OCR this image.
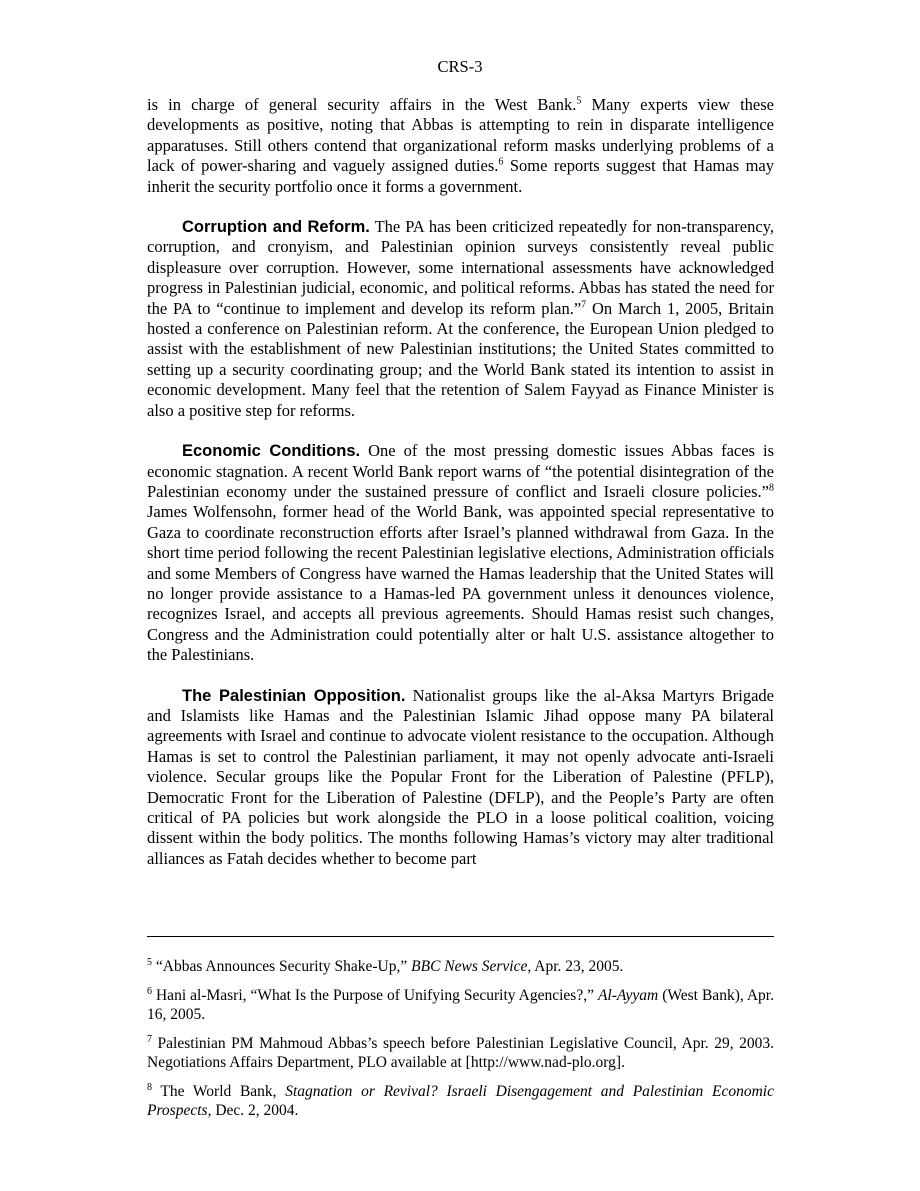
CRS-3

is in charge of general security affairs in the West Bank.$^5$ Many experts view these developments as positive, noting that Abbas is attempting to rein in disparate intelligence apparatuses. Still others contend that organizational reform masks underlying problems of a lack of power-sharing and vaguely assigned duties.$^6$ Some reports suggest that Hamas may inherit the security portfolio once it forms a government.

Corruption and Reform. The PA has been criticized repeatedly for non-transparency, corruption, and cronyism, and Palestinian opinion surveys consistently reveal public displeasure over corruption. However, some international assessments have acknowledged progress in Palestinian judicial, economic, and political reforms. Abbas has stated the need for the PA to “continue to implement and develop its reform plan.”$^7$ On March 1, 2005, Britain hosted a conference on Palestinian reform. At the conference, the European Union pledged to assist with the establishment of new Palestinian institutions; the United States committed to setting up a security coordinating group; and the World Bank stated its intention to assist in economic development. Many feel that the retention of Salem Fayyad as Finance Minister is also a positive step for reforms.

Economic Conditions. One of the most pressing domestic issues Abbas faces is economic stagnation. A recent World Bank report warns of “the potential disintegration of the Palestinian economy under the sustained pressure of conflict and Israeli closure policies.”$^8$ James Wolfensohn, former head of the World Bank, was appointed special representative to Gaza to coordinate reconstruction efforts after Israel’s planned withdrawal from Gaza. In the short time period following the recent Palestinian legislative elections, Administration officials and some Members of Congress have warned the Hamas leadership that the United States will no longer provide assistance to a Hamas-led PA government unless it denounces violence, recognizes Israel, and accepts all previous agreements. Should Hamas resist such changes, Congress and the Administration could potentially alter or halt U.S. assistance altogether to the Palestinians.

The Palestinian Opposition. Nationalist groups like the al-Aksa Martyrs Brigade and Islamists like Hamas and the Palestinian Islamic Jihad oppose many PA bilateral agreements with Israel and continue to advocate violent resistance to the occupation. Although Hamas is set to control the Palestinian parliament, it may not openly advocate anti-Israeli violence. Secular groups like the Popular Front for the Liberation of Palestine (PFLP), Democratic Front for the Liberation of Palestine (DFLP), and the People’s Party are often critical of PA policies but work alongside the PLO in a loose political coalition, voicing dissent within the body politics. The months following Hamas’s victory may alter traditional alliances as Fatah decides whether to become part

$^5$ “Abbas Announces Security Shake-Up,” BBC News Service, Apr. 23, 2005.

$^6$ Hani al-Masri, “What Is the Purpose of Unifying Security Agencies?,” Al-Ayyam (West Bank), Apr. 16, 2005.

$^7$ Palestinian PM Mahmoud Abbas’s speech before Palestinian Legislative Council, Apr. 29, 2003. Negotiations Affairs Department, PLO available at [http://www.nad-plo.org].

$^8$ The World Bank, Stagnation or Revival? Israeli Disengagement and Palestinian Economic Prospects, Dec. 2, 2004.
